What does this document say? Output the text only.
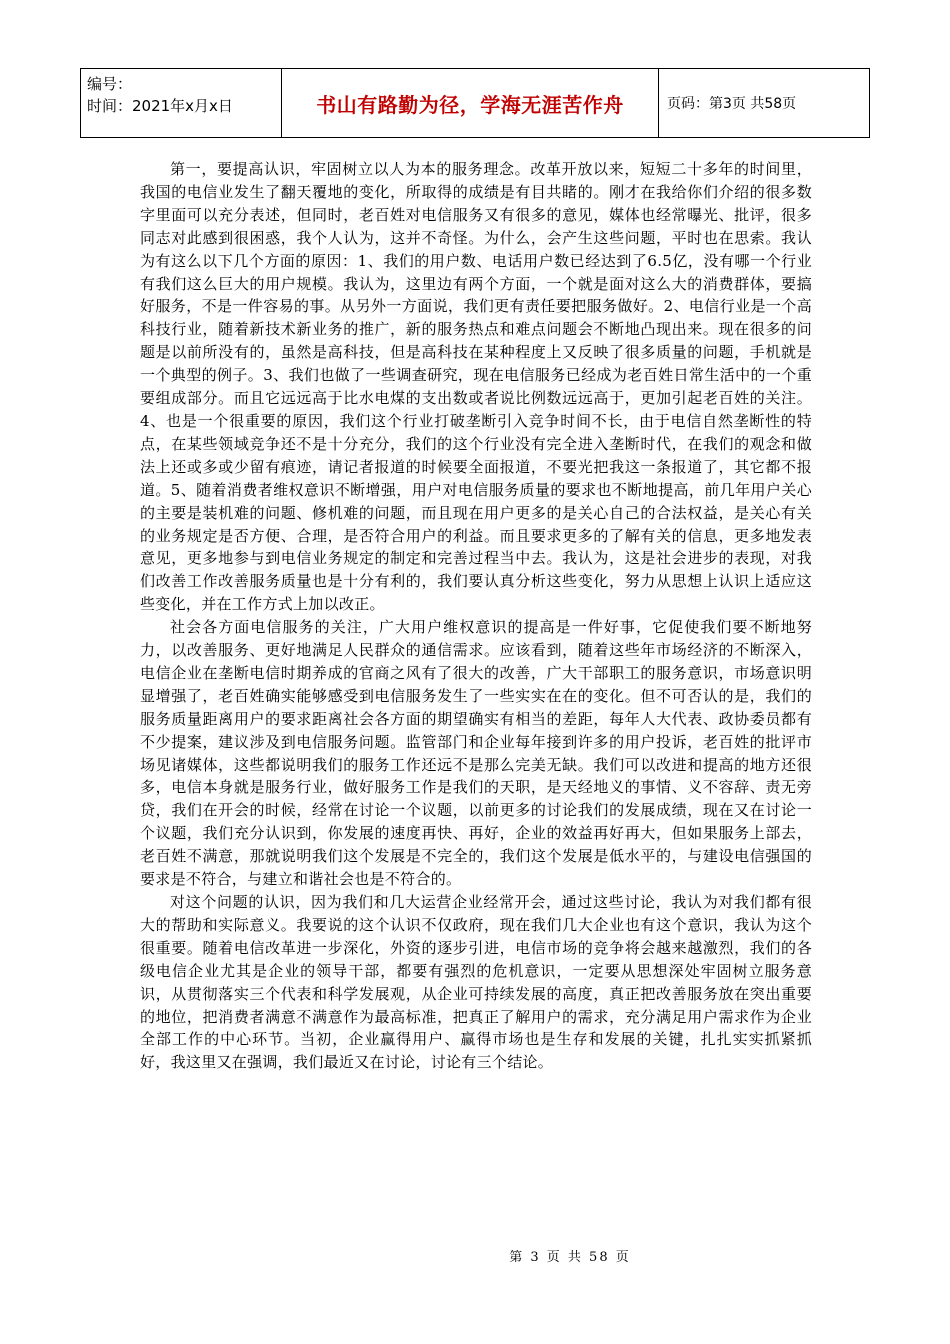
编号：
时间：2021年x月x日	书山有路勤为径，学海无涯苦作舟	页码：第3页 共58页

第一，要提高认识，牢固树立以人为本的服务理念。改革开放以来，短短二十多年的时间里，我国的电信业发生了翻天覆地的变化，所取得的成绩是有目共睹的。刚才在我给你们介绍的很多数字里面可以充分表述，但同时，老百姓对电信服务又有很多的意见，媒体也经常曝光、批评，很多同志对此感到很困惑，我个人认为，这并不奇怪。为什么，会产生这些问题，平时也在思索。我认为有这么以下几个方面的原因：1、我们的用户数、电话用户数已经达到了6.5亿，没有哪一个行业有我们这么巨大的用户规模。我认为，这里边有两个方面，一个就是面对这么大的消费群体，要搞好服务，不是一件容易的事。从另外一方面说，我们更有责任要把服务做好。2、电信行业是一个高科技行业，随着新技术新业务的推广，新的服务热点和难点问题会不断地凸现出来。现在很多的问题是以前所没有的，虽然是高科技，但是高科技在某种程度上又反映了很多质量的问题，手机就是一个典型的例子。3、我们也做了一些调查研究，现在电信服务已经成为老百姓日常生活中的一个重要组成部分。而且它远远高于比水电煤的支出数或者说比例数远远高于，更加引起老百姓的关注。4、也是一个很重要的原因，我们这个行业打破垄断引入竞争时间不长，由于电信自然垄断性的特点，在某些领域竞争还不是十分充分，我们的这个行业没有完全进入垄断时代，在我们的观念和做法上还或多或少留有痕迹，请记者报道的时候要全面报道，不要光把我这一条报道了，其它都不报道。5、随着消费者维权意识不断增强，用户对电信服务质量的要求也不断地提高，前几年用户关心的主要是装机难的问题、修机难的问题，而且现在用户更多的是关心自己的合法权益，是关心有关的业务规定是否方便、合理，是否符合用户的利益。而且要求更多的了解有关的信息，更多地发表意见，更多地参与到电信业务规定的制定和完善过程当中去。我认为，这是社会进步的表现，对我们改善工作改善服务质量也是十分有利的，我们要认真分析这些变化，努力从思想上认识上适应这些变化，并在工作方式上加以改正。

社会各方面电信服务的关注，广大用户维权意识的提高是一件好事，它促使我们要不断地努力，以改善服务、更好地满足人民群众的通信需求。应该看到，随着这些年市场经济的不断深入，电信企业在垄断电信时期养成的官商之风有了很大的改善，广大干部职工的服务意识，市场意识明显增强了，老百姓确实能够感受到电信服务发生了一些实实在在的变化。但不可否认的是，我们的服务质量距离用户的要求距离社会各方面的期望确实有相当的差距，每年人大代表、政协委员都有不少提案，建议涉及到电信服务问题。监管部门和企业每年接到许多的用户投诉，老百姓的批评市场见诸媒体，这些都说明我们的服务工作还远不是那么完美无缺。我们可以改进和提高的地方还很多，电信本身就是服务行业，做好服务工作是我们的天职，是天经地义的事情、义不容辞、责无旁贷，我们在开会的时候，经常在讨论一个议题，以前更多的讨论我们的发展成绩，现在又在讨论一个议题，我们充分认识到，你发展的速度再快、再好，企业的效益再好再大，但如果服务上部去，老百姓不满意，那就说明我们这个发展是不完全的，我们这个发展是低水平的，与建设电信强国的要求是不符合，与建立和谐社会也是不符合的。

对这个问题的认识，因为我们和几大运营企业经常开会，通过这些讨论，我认为对我们都有很大的帮助和实际意义。我要说的这个认识不仅政府，现在我们几大企业也有这个意识，我认为这个很重要。随着电信改革进一步深化，外资的逐步引进，电信市场的竞争将会越来越激烈，我们的各级电信企业尤其是企业的领导干部，都要有强烈的危机意识，一定要从思想深处牢固树立服务意识，从贯彻落实三个代表和科学发展观，从企业可持续发展的高度，真正把改善服务放在突出重要的地位，把消费者满意不满意作为最高标准，把真正了解用户的需求，充分满足用户需求作为企业全部工作的中心环节。当初，企业赢得用户、赢得市场也是生存和发展的关键，扎扎实实抓紧抓好，我这里又在强调，我们最近又在讨论，讨论有三个结论。

第 3 页 共 58 页
